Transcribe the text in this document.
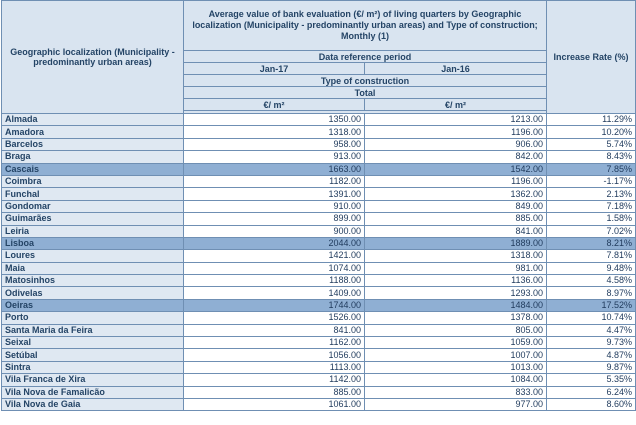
Geographic localization (Municipality - predominantly urban areas)	Average value of bank evaluation (€/ m²) of living quarters by Geographic localization (Municipality - predominantly urban areas) and Type of construction; Monthly (1)		Increase Rate (%)
	Data reference period		
	Jan-17	Jan-16	
	Type of construction		
	Total		
	€/ m²	€/ m²	

Almada	1350.00	1213.00	11.29%
Amadora	1318.00	1196.00	10.20%
Barcelos	958.00	906.00	5.74%
Braga	913.00	842.00	8.43%
Cascais	1663.00	1542.00	7.85%
Coimbra	1182.00	1196.00	-1.17%
Funchal	1391.00	1362.00	2.13%
Gondomar	910.00	849.00	7.18%
Guimarães	899.00	885.00	1.58%
Leiria	900.00	841.00	7.02%
Lisboa	2044.00	1889.00	8.21%
Loures	1421.00	1318.00	7.81%
Maia	1074.00	981.00	9.48%
Matosinhos	1188.00	1136.00	4.58%
Odivelas	1409.00	1293.00	8.97%
Oeiras	1744.00	1484.00	17.52%
Porto	1526.00	1378.00	10.74%
Santa Maria da Feira	841.00	805.00	4.47%
Seixal	1162.00	1059.00	9.73%
Setúbal	1056.00	1007.00	4.87%
Sintra	1113.00	1013.00	9.87%
Vila Franca de Xira	1142.00	1084.00	5.35%
Vila Nova de Famalicão	885.00	833.00	6.24%
Vila Nova de Gaia	1061.00	977.00	8.60%
